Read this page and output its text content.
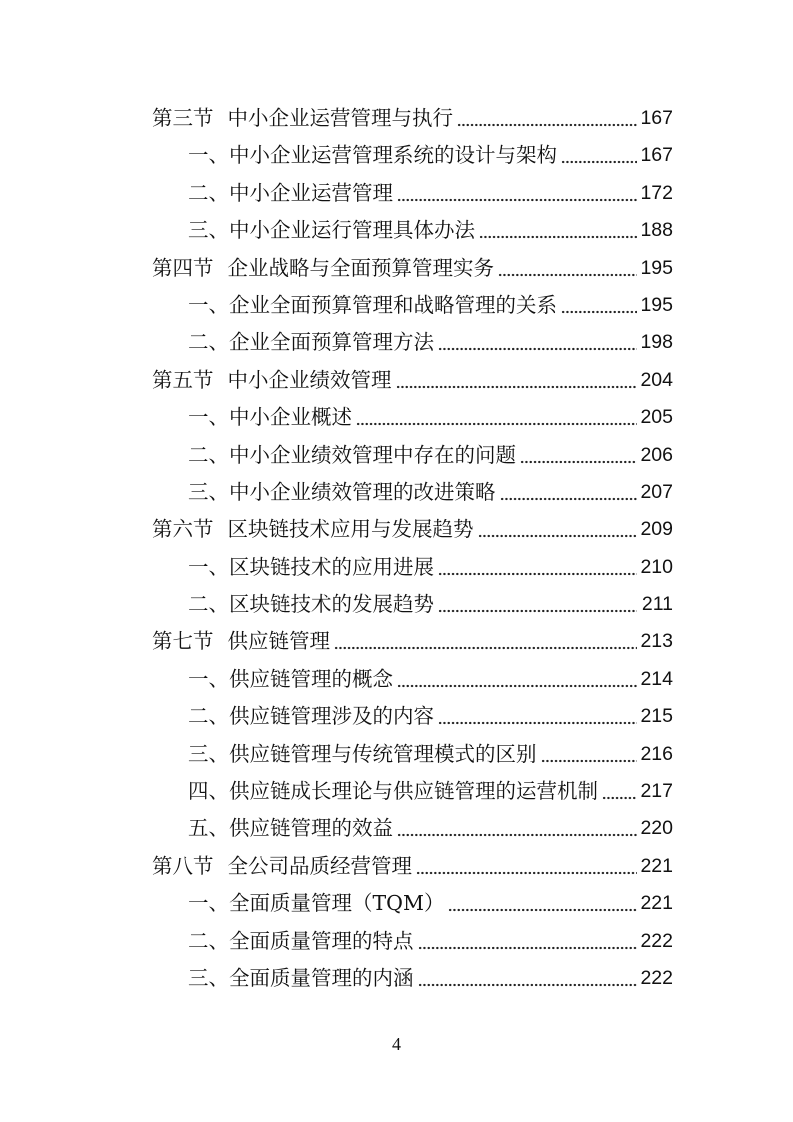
第三节 中小企业运营管理与执行	167
一、 中小企业运营管理系统的设计与架构	167
二、 中小企业运营管理	172
三、 中小企业运行管理具体办法	188
第四节 企业战略与全面预算管理实务	195
一、 企业全面预算管理和战略管理的关系	195
二、 企业全面预算管理方法	198
第五节 中小企业绩效管理	204
一、 中小企业概述	205
二、 中小企业绩效管理中存在的问题	206
三、 中小企业绩效管理的改进策略	207
第六节 区块链技术应用与发展趋势	209
一、 区块链技术的应用进展	210
二、 区块链技术的发展趋势	211
第七节 供应链管理	213
一、 供应链管理的概念	214
二、 供应链管理涉及的内容	215
三、 供应链管理与传统管理模式的区别	216
四、 供应链成长理论与供应链管理的运营机制 217
五、 供应链管理的效益	220
第八节 全公司品质经营管理	221
一、 全面质量管理（TQM）	221
二、 全面质量管理的特点	222
三、 全面质量管理的内涵	222
4
